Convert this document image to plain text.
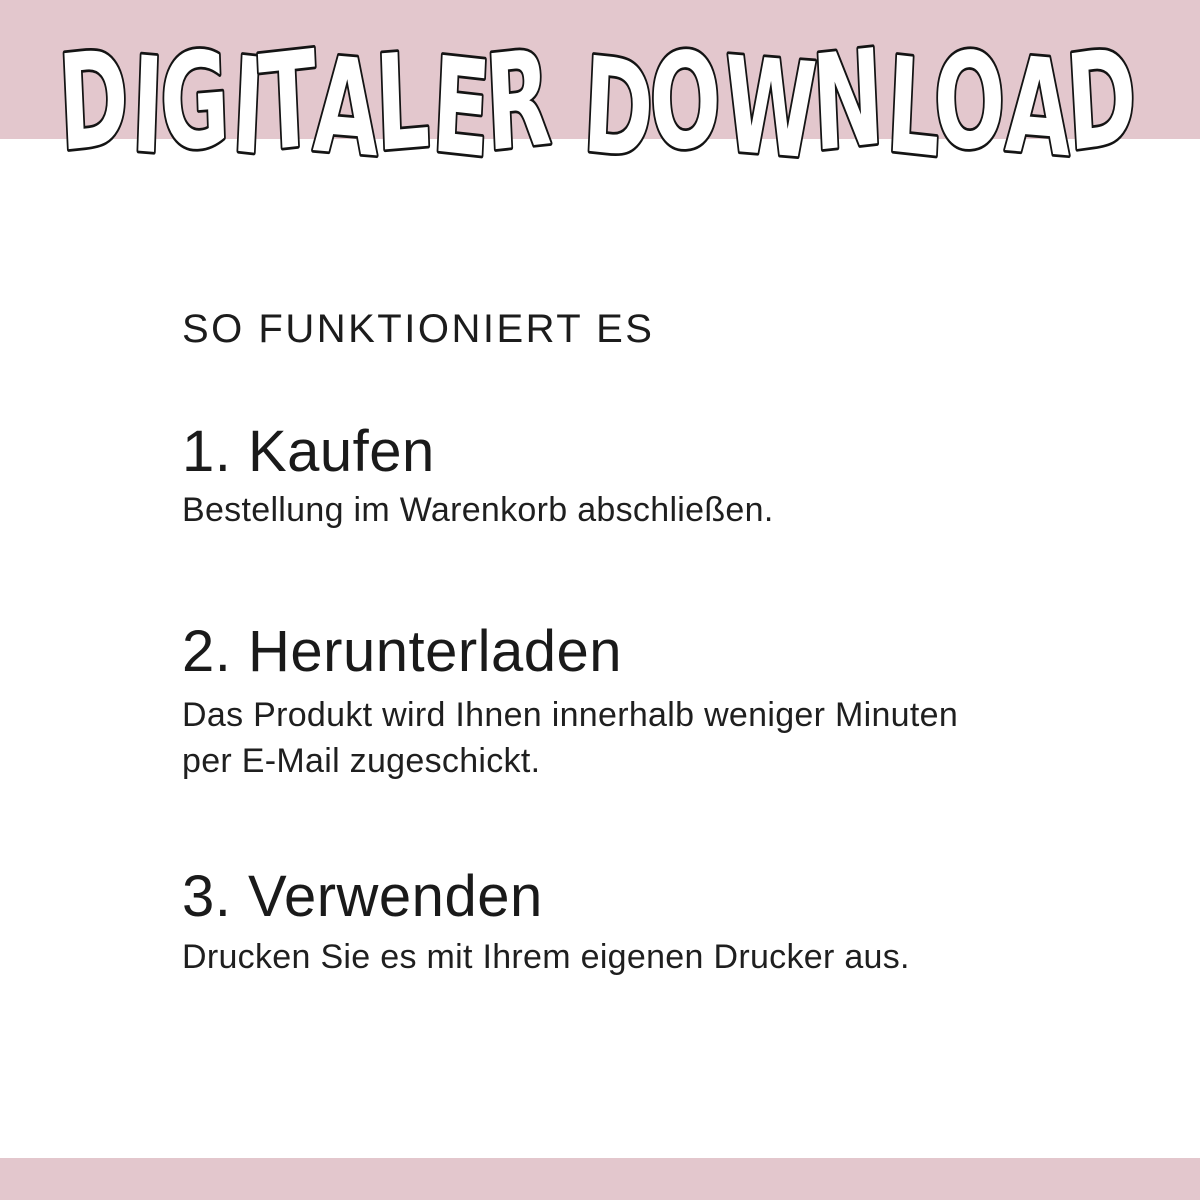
DIGITALER DOWNLOAD
SO FUNKTIONIERT ES
1. Kaufen
Bestellung im Warenkorb abschließen.
2. Herunterladen
Das Produkt wird Ihnen innerhalb weniger Minuten
per E-Mail zugeschickt.
3. Verwenden
Drucken Sie es mit Ihrem eigenen Drucker aus.
